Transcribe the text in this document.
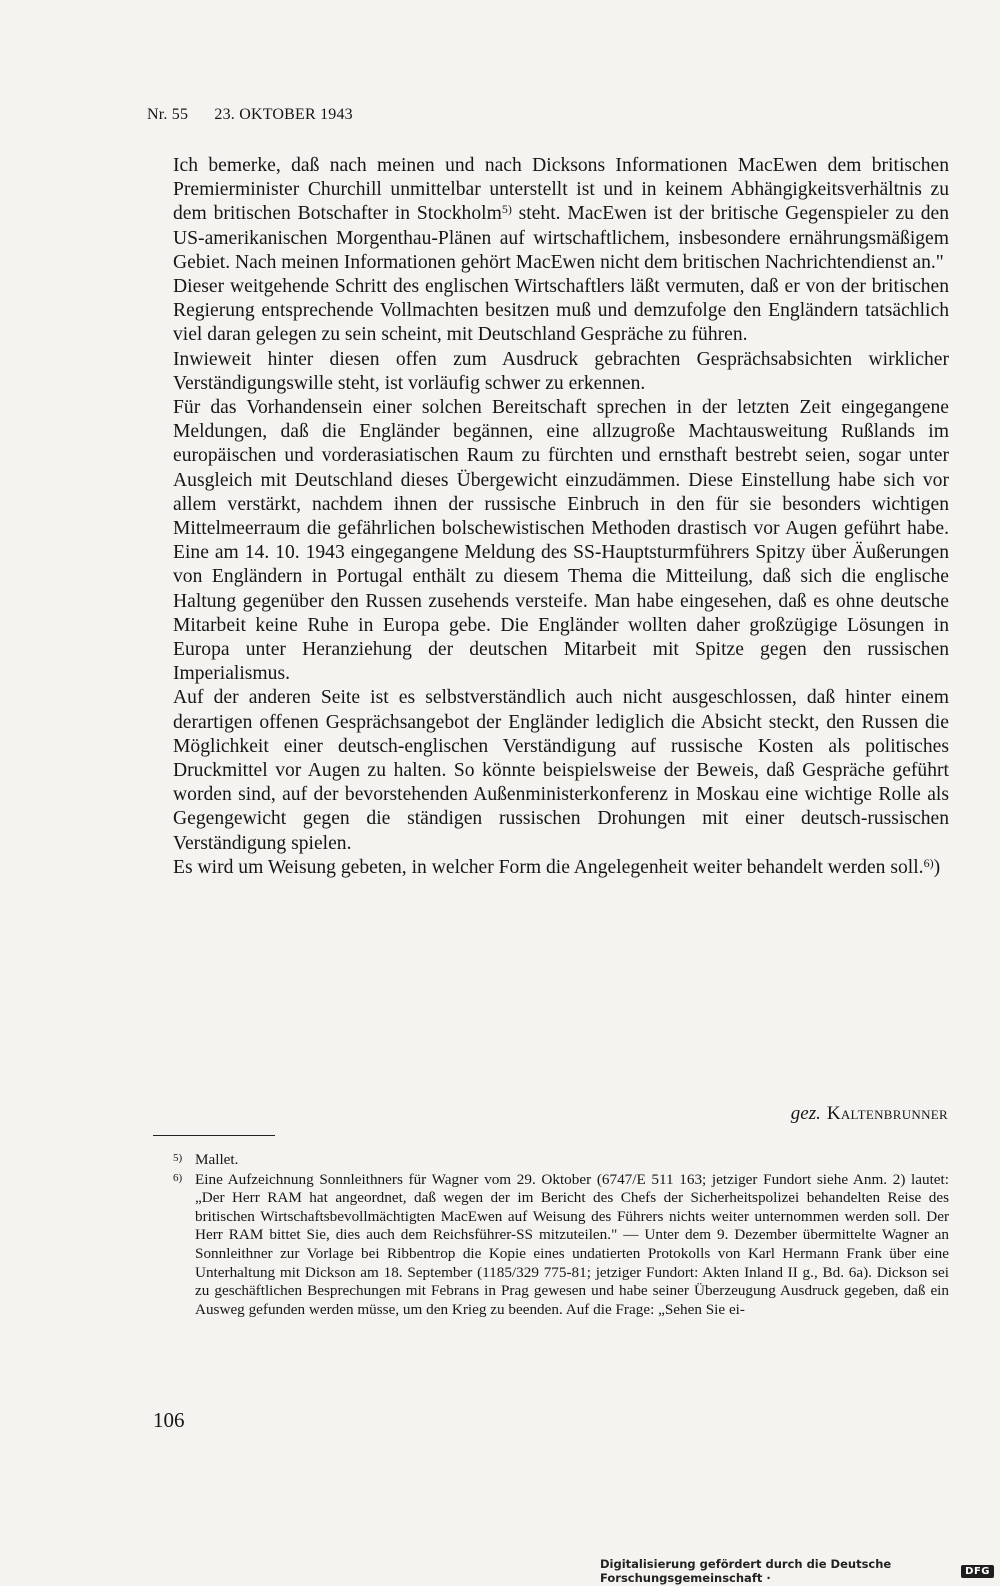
Nr. 55 23. OKTOBER 1943

Ich bemerke, daß nach meinen und nach Dicksons Informationen MacEwen dem britischen Premierminister Churchill unmittelbar unterstellt ist und in keinem Abhängigkeitsverhältnis zu dem britischen Botschafter in Stockholm$^{5)}$ steht. MacEwen ist der britische Gegenspieler zu den US-amerikanischen Morgenthau-Plänen auf wirtschaftlichem, insbesondere ernährungsmäßigem Gebiet. Nach meinen Informationen gehört MacEwen nicht dem britischen Nachrichtendienst an."

Dieser weitgehende Schritt des englischen Wirtschaftlers läßt vermuten, daß er von der britischen Regierung entsprechende Vollmachten besitzen muß und demzufolge den Engländern tatsächlich viel daran gelegen zu sein scheint, mit Deutschland Gespräche zu führen.

Inwieweit hinter diesen offen zum Ausdruck gebrachten Gesprächsabsichten wirklicher Verständigungswille steht, ist vorläufig schwer zu erkennen.

Für das Vorhandensein einer solchen Bereitschaft sprechen in der letzten Zeit eingegangene Meldungen, daß die Engländer begännen, eine allzugroße Machtausweitung Rußlands im europäischen und vorderasiatischen Raum zu fürchten und ernsthaft bestrebt seien, sogar unter Ausgleich mit Deutschland dieses Übergewicht einzudämmen. Diese Einstellung habe sich vor allem verstärkt, nachdem ihnen der russische Einbruch in den für sie besonders wichtigen Mittelmeerraum die gefährlichen bolschewistischen Methoden drastisch vor Augen geführt habe. Eine am 14. 10. 1943 eingegangene Meldung des SS-Hauptsturmführers Spitzy über Äußerungen von Engländern in Portugal enthält zu diesem Thema die Mitteilung, daß sich die englische Haltung gegenüber den Russen zusehends versteife. Man habe eingesehen, daß es ohne deutsche Mitarbeit keine Ruhe in Europa gebe. Die Engländer wollten daher großzügige Lösungen in Europa unter Heranziehung der deutschen Mitarbeit mit Spitze gegen den russischen Imperialismus.

Auf der anderen Seite ist es selbstverständlich auch nicht ausgeschlossen, daß hinter einem derartigen offenen Gesprächsangebot der Engländer lediglich die Absicht steckt, den Russen die Möglichkeit einer deutsch-englischen Verständigung auf russische Kosten als politisches Druckmittel vor Augen zu halten. So könnte beispielsweise der Beweis, daß Gespräche geführt worden sind, auf der bevorstehenden Außenministerkonferenz in Moskau eine wichtige Rolle als Gegengewicht gegen die ständigen russischen Drohungen mit einer deutsch-russischen Verständigung spielen.

Es wird um Weisung gebeten, in welcher Form die Angelegenheit weiter behandelt werden soll.$^{6)}$)

gez. Kaltenbrunner
5) Mallet.
6) Eine Aufzeichnung Sonnleithners für Wagner vom 29. Oktober (6747/E 511 163; jetziger Fundort siehe Anm. 2) lautet: „Der Herr RAM hat angeordnet, daß wegen der im Bericht des Chefs der Sicherheitspolizei behandelten Reise des britischen Wirtschaftsbevollmächtigten MacEwen auf Weisung des Führers nichts weiter unternommen werden soll. Der Herr RAM bittet Sie, dies auch dem Reichsführer-SS mitzuteilen." — Unter dem 9. Dezember übermittelte Wagner an Sonnleithner zur Vorlage bei Ribbentrop die Kopie eines undatierten Protokolls von Karl Hermann Frank über eine Unterhaltung mit Dickson am 18. September (1185/329 775-81; jetziger Fundort: Akten Inland II g., Bd. 6a). Dickson sei zu geschäftlichen Besprechungen mit Febrans in Prag gewesen und habe seiner Überzeugung Ausdruck gegeben, daß ein Ausweg gefunden werden müsse, um den Krieg zu beenden. Auf die Frage: „Sehen Sie ei-
106
Digitalisierung gefördert durch die Deutsche Forschungsgemeinschaft ·	DFG
